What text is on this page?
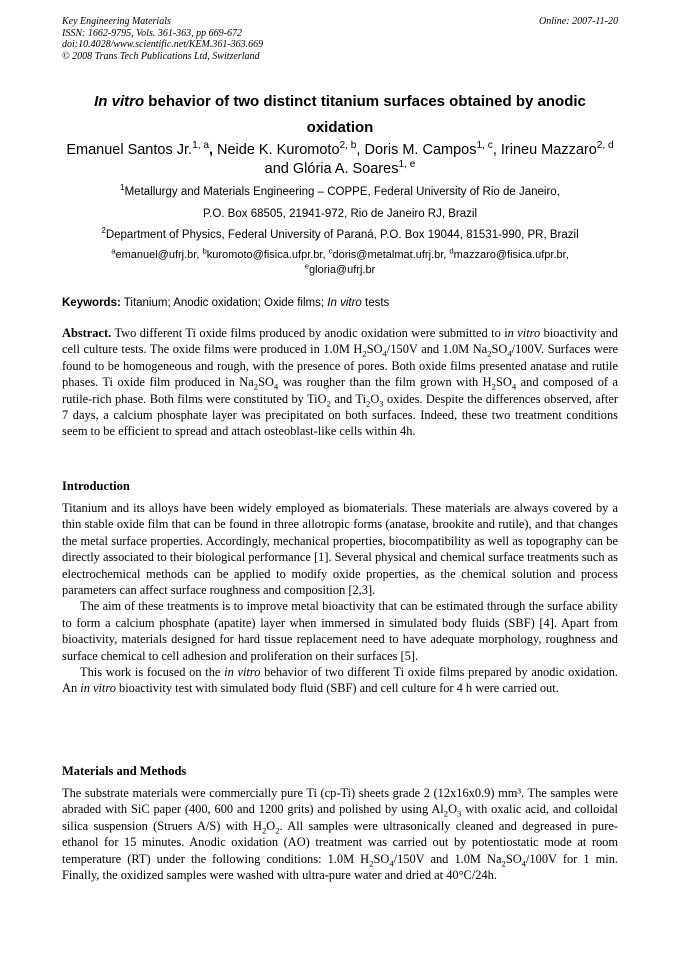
Key Engineering Materials
ISSN: 1662-9795, Vols. 361-363, pp 669-672
doi:10.4028/www.scientific.net/KEM.361-363.669
© 2008 Trans Tech Publications Ltd, Switzerland
Online: 2007-11-20
In vitro behavior of two distinct titanium surfaces obtained by anodic oxidation
Emanuel Santos Jr.$^{1, a}$, Neide K. Kuromoto$^{2, b}$, Doris M. Campos$^{1, c}$, Irineu Mazzaro$^{2, d}$ and Glória A. Soares$^{1, e}$
$^1$Metallurgy and Materials Engineering – COPPE, Federal University of Rio de Janeiro,
P.O. Box 68505, 21941-972, Rio de Janeiro RJ, Brazil
$^2$Department of Physics, Federal University of Paraná, P.O. Box 19044, 81531-990, PR, Brazil
$^a$emanuel@ufrj.br, $^b$kuromoto@fisica.ufpr.br, $^c$doris@metalmat.ufrj.br, $^d$mazzaro@fisica.ufpr.br,
$^e$gloria@ufrj.br
Keywords: Titanium; Anodic oxidation; Oxide films; In vitro tests
Abstract. Two different Ti oxide films produced by anodic oxidation were submitted to in vitro bioactivity and cell culture tests. The oxide films were produced in 1.0M $H_2SO_4/150V$ and 1.0M $Na_2SO_4/100V$. Surfaces were found to be homogeneous and rough, with the presence of pores. Both oxide films presented anatase and rutile phases. Ti oxide film produced in $Na_2SO_4$ was rougher than the film grown with $H_2SO_4$ and composed of a rutile-rich phase. Both films were constituted by TiO$_2$ and $Ti_2O_3$ oxides. Despite the differences observed, after 7 days, a calcium phosphate layer was precipitated on both surfaces. Indeed, these two treatment conditions seem to be efficient to spread and attach osteoblast-like cells within 4h.
Introduction

Titanium and its alloys have been widely employed as biomaterials. These materials are always covered by a thin stable oxide film that can be found in three allotropic forms (anatase, brookite and rutile), and that changes the metal surface properties. Accordingly, mechanical properties, biocompatibility as well as topography can be directly associated to their biological performance [1]. Several physical and chemical surface treatments such as electrochemical methods can be applied to modify oxide properties, as the chemical solution and process parameters can affect surface roughness and composition [2,3].

The aim of these treatments is to improve metal bioactivity that can be estimated through the surface ability to form a calcium phosphate (apatite) layer when immersed in simulated body fluids (SBF) [4]. Apart from bioactivity, materials designed for hard tissue replacement need to have adequate morphology, roughness and surface chemical to cell adhesion and proliferation on their surfaces [5].

This work is focused on the in vitro behavior of two different Ti oxide films prepared by anodic oxidation. An in vitro bioactivity test with simulated body fluid (SBF) and cell culture for 4 h were carried out.

Materials and Methods
The substrate materials were commercially pure Ti (cp-Ti) sheets grade 2 (12x16x0.9) mm³. The samples were abraded with SiC paper (400, 600 and 1200 grits) and polished by using $Al_2O_3$ with oxalic acid, and colloidal silica suspension (Struers A/S) with $H_2O_2$. All samples were ultrasonically cleaned and degreased in pure-ethanol for 15 minutes. Anodic oxidation (AO) treatment was carried out by potentiostatic mode at room temperature (RT) under the following conditions: 1.0M $H_2SO_4/150V$ and 1.0M $Na_2SO_4/100V$ for 1 min. Finally, the oxidized samples were washed with ultra-pure water and dried at 40°C/24h.
